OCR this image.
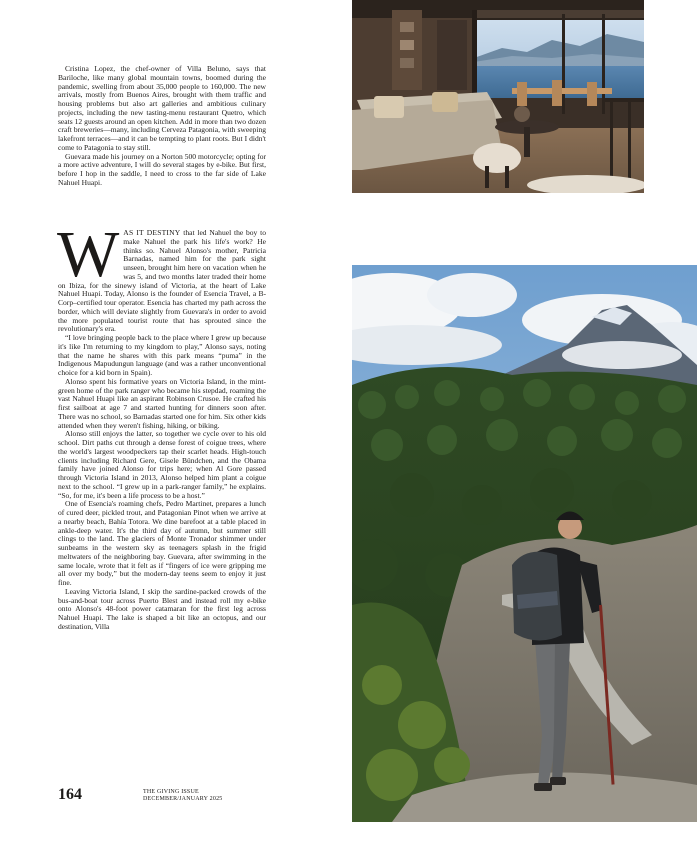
Cristina Lopez, the chef-owner of Villa Beluno, says that Bariloche, like many global mountain towns, boomed during the pandemic, swelling from about 35,000 people to 160,000. The new arrivals, mostly from Buenos Aires, brought with them traffic and housing problems but also art galleries and ambitious culinary projects, including the new tasting-menu restaurant Quetro, which seats 12 guests around an open kitchen. Add in more than two dozen craft breweries—many, including Cerveza Patagonia, with sweeping lakefront terraces—and it can be tempting to plant roots. But I didn't come to Patagonia to stay still.

Guevara made his journey on a Norton 500 motorcycle; opting for a more active adventure, I will do several stages by e-bike. But first, before I hop in the saddle, I need to cross to the far side of Lake Nahuel Huapi.

WAS IT DESTINY that led Nahuel the boy to make Nahuel the park his life's work? He thinks so. Nahuel Alonso's mother, Patricia Barnadas, named him for the park sight unseen, brought him here on vacation when he was 5, and two months later traded their home on Ibiza, for the sinewy island of Victoria, at the heart of Lake Nahuel Huapi. Today, Alonso is the founder of Esencia Travel, a B-Corp–certified tour operator. Esencia has charted my path across the border, which will deviate slightly from Guevara's in order to avoid the more populated tourist route that has sprouted since the revolutionary's era.

“I love bringing people back to the place where I grew up because it's like I'm returning to my kingdom to play,” Alonso says, noting that the name he shares with this park means “puma” in the Indigenous Mapudungun language (and was a rather unconventional choice for a kid born in Spain).

Alonso spent his formative years on Victoria Island, in the mint-green home of the park ranger who became his stepdad, roaming the vast Nahuel Huapi like an aspirant Robinson Crusoe. He crafted his first sailboat at age 7 and started hunting for dinners soon after. There was no school, so Barnadas started one for him. Six other kids attended when they weren't fishing, hiking, or biking.

Alonso still enjoys the latter, so together we cycle over to his old school. Dirt paths cut through a dense forest of coigue trees, where the world's largest woodpeckers tap their scarlet heads. High-touch clients including Richard Gere, Gisele Bündchen, and the Obama family have joined Alonso for trips here; when Al Gore passed through Victoria Island in 2013, Alonso helped him plant a coigue next to the school. “I grew up in a park-ranger family,” he explains. “So, for me, it's been a life process to be a host.”

One of Esencia's roaming chefs, Pedro Martinet, prepares a lunch of cured deer, pickled trout, and Patagonian Pinot when we arrive at a nearby beach, Bahía Totora. We dine barefoot at a table placed in ankle-deep water. It's the third day of autumn, but summer still clings to the land. The glaciers of Monte Tronador shimmer under sunbeams in the western sky as teenagers splash in the frigid meltwaters of the neighboring bay. Guevara, after swimming in the same locale, wrote that it felt as if “fingers of ice were gripping me all over my body,” but the modern-day teens seem to enjoy it just fine.

Leaving Victoria Island, I skip the sardine-packed crowds of the bus-and-boat tour across Puerto Blest and instead roll my e-bike onto Alonso's 48-foot power catamaran for the first leg across Nahuel Huapi. The lake is shaped a bit like an octopus, and our destination, Villa

164	THE GIVING ISSUE
DECEMBER/JANUARY 2025
